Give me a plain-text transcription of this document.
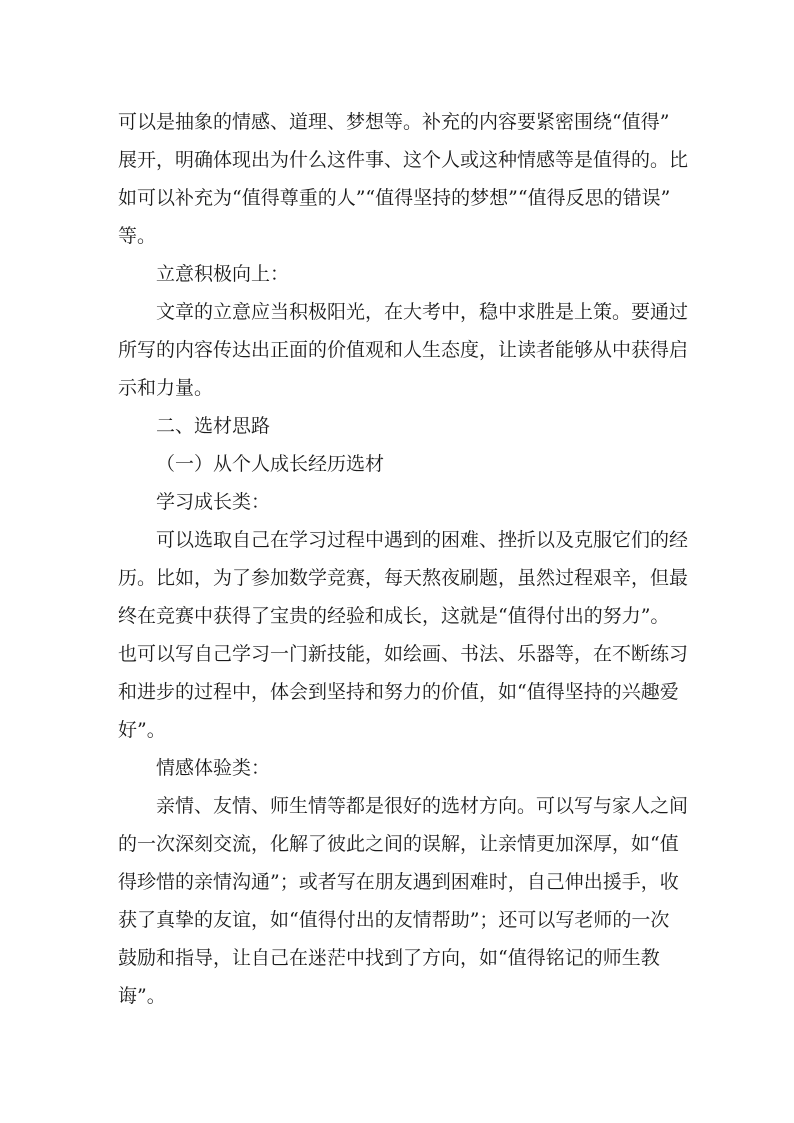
可以是抽象的情感、道理、梦想等。补充的内容要紧密围绕“值得”
展开，明确体现出为什么这件事、这个人或这种情感等是值得的。比
如可以补充为“值得尊重的人”“值得坚持的梦想”“值得反思的错误”
等。
立意积极向上：
文章的立意应当积极阳光，在大考中，稳中求胜是上策。要通过
所写的内容传达出正面的价值观和人生态度，让读者能够从中获得启
示和力量。
二、选材思路
（一）从个人成长经历选材
学习成长类：
可以选取自己在学习过程中遇到的困难、挫折以及克服它们的经
历。比如，为了参加数学竞赛，每天熬夜刷题，虽然过程艰辛，但最
终在竞赛中获得了宝贵的经验和成长，这就是“值得付出的努力”。
也可以写自己学习一门新技能，如绘画、书法、乐器等，在不断练习
和进步的过程中，体会到坚持和努力的价值，如“值得坚持的兴趣爱
好”。
情感体验类：
亲情、友情、师生情等都是很好的选材方向。可以写与家人之间
的一次深刻交流，化解了彼此之间的误解，让亲情更加深厚，如“值
得珍惜的亲情沟通”；或者写在朋友遇到困难时，自己伸出援手，收
获了真挚的友谊，如“值得付出的友情帮助”；还可以写老师的一次
鼓励和指导，让自己在迷茫中找到了方向，如“值得铭记的师生教
诲”。
